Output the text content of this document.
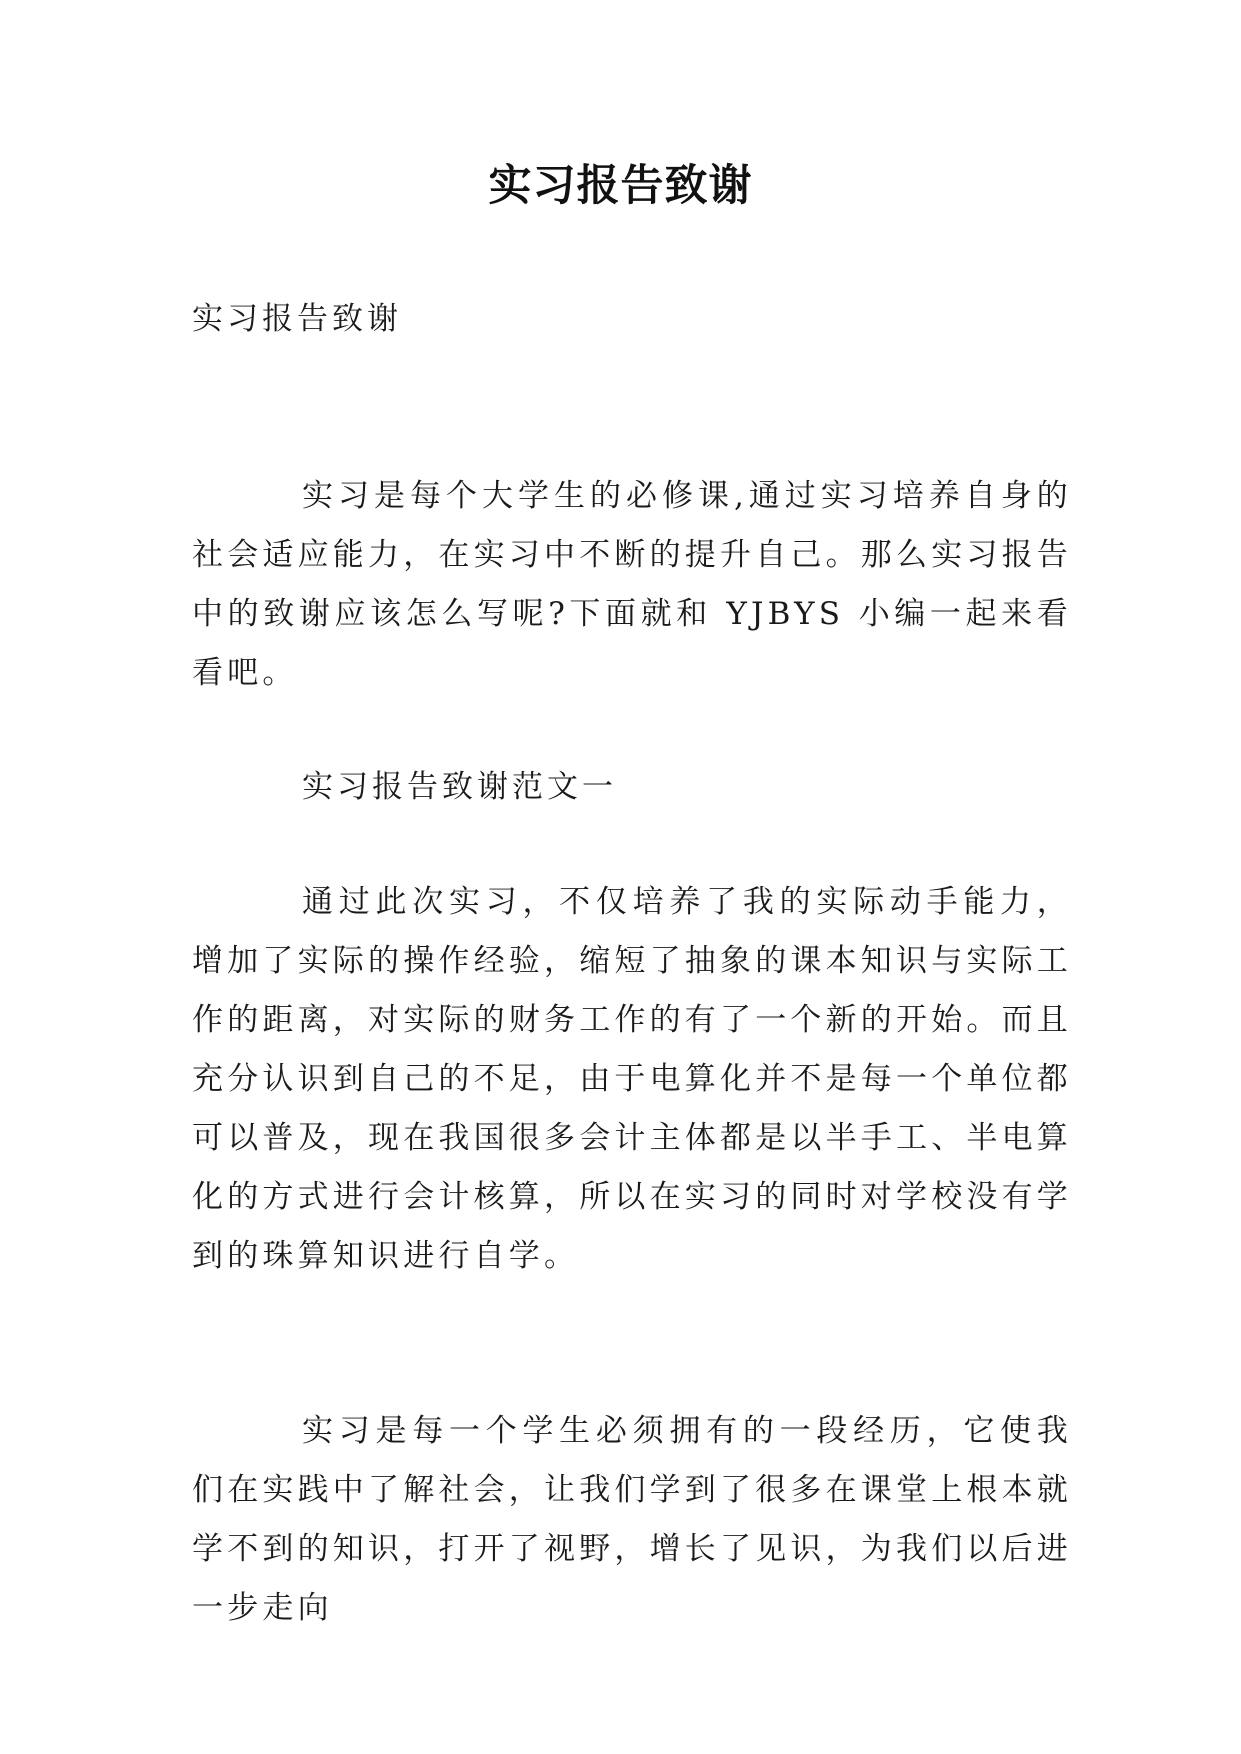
实习报告致谢

实习报告致谢

实习是每个大学生的必修课,通过实习培养自身的社会适应能力，在实习中不断的提升自己。那么实习报告中的致谢应该怎么写呢?下面就和 YJBYS 小编一起来看看吧。

实习报告致谢范文一

通过此次实习，不仅培养了我的实际动手能力，增加了实际的操作经验，缩短了抽象的课本知识与实际工作的距离，对实际的财务工作的有了一个新的开始。而且充分认识到自己的不足，由于电算化并不是每一个单位都可以普及，现在我国很多会计主体都是以半手工、半电算化的方式进行会计核算，所以在实习的同时对学校没有学到的珠算知识进行自学。

实习是每一个学生必须拥有的一段经历，它使我们在实践中了解社会，让我们学到了很多在课堂上根本就学不到的知识，打开了视野，增长了见识，为我们以后进一步走向
